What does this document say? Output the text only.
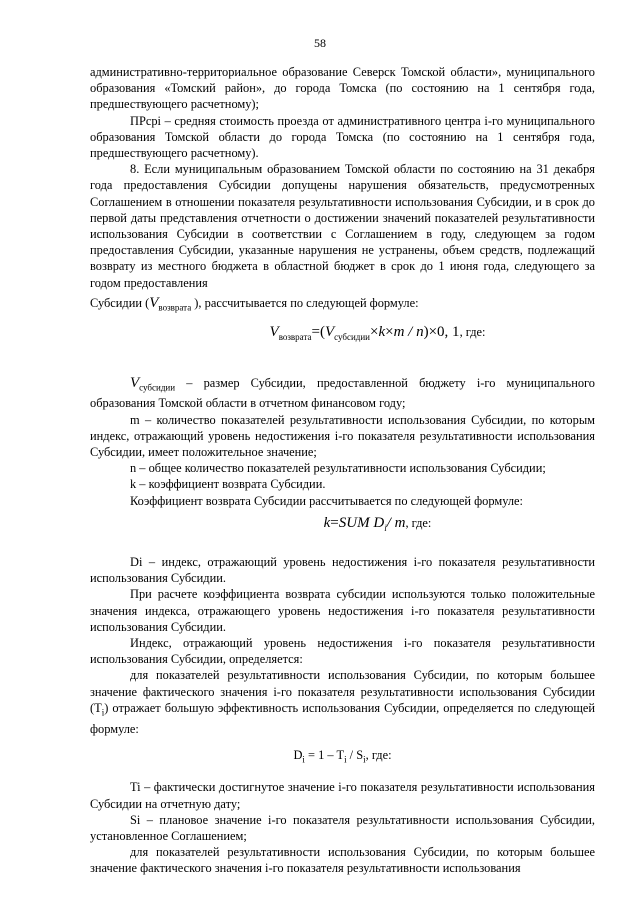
58

административно-территориальное образование Северск Томской области», муниципального образования «Томский район», до города Томска (по состоянию на 1 сентября года, предшествующего расчетному);

ПРсрi – средняя стоимость проезда от административного центра i-го муниципального образования Томской области до города Томска (по состоянию на 1 сентября года, предшествующего расчетному).

8. Если муниципальным образованием Томской области по состоянию на 31 декабря года предоставления Субсидии допущены нарушения обязательств, предусмотренных Соглашением в отношении показателя результативности использования Субсидии, и в срок до первой даты представления отчетности о достижении значений показателей результативности использования Субсидии в соответствии с Соглашением в году, следующем за годом предоставления Субсидии, указанные нарушения не устранены, объем средств, подлежащий возврату из местного бюджета в областной бюджет в срок до 1 июня года, следующего за годом предоставления

Субсидии ($V_{возврата}$ ), рассчитывается по следующей формуле:

$V_{возврата}=(V_{субсидии}\times k\times m / n)\times 0$, 1, где:

$V_{субсидии}$ – размер Субсидии, предоставленной бюджету i-го муниципального образования Томской области в отчетном финансовом году;

m – количество показателей результативности использования Субсидии, по которым индекс, отражающий уровень недостижения i-го показателя результативности использования Субсидии, имеет положительное значение;

n – общее количество показателей результативности использования Субсидии;

k – коэффициент возврата Субсидии.

Коэффициент возврата Субсидии рассчитывается по следующей формуле:

k=SUM $D_i/$ m, где:

Di – индекс, отражающий уровень недостижения i-го показателя результативности использования Субсидии.

При расчете коэффициента возврата субсидии используются только положительные значения индекса, отражающего уровень недостижения i-го показателя результативности использования Субсидии.

Индекс, отражающий уровень недостижения i-го показателя результативности использования Субсидии, определяется:

для показателей результативности использования Субсидии, по которым большее значение фактического значения i-го показателя результативности использования Субсидии $(T_i)$ отражает большую эффективность использования Субсидии, определяется по следующей формуле:

$D_i = 1 - T_i / S_i$, где:

Ti – фактически достигнутое значение i-го показателя результативности использования Субсидии на отчетную дату;

Si – плановое значение i-го показателя результативности использования Субсидии, установленное Соглашением;

для показателей результативности использования Субсидии, по которым большее значение фактического значения i-го показателя результативности использования
